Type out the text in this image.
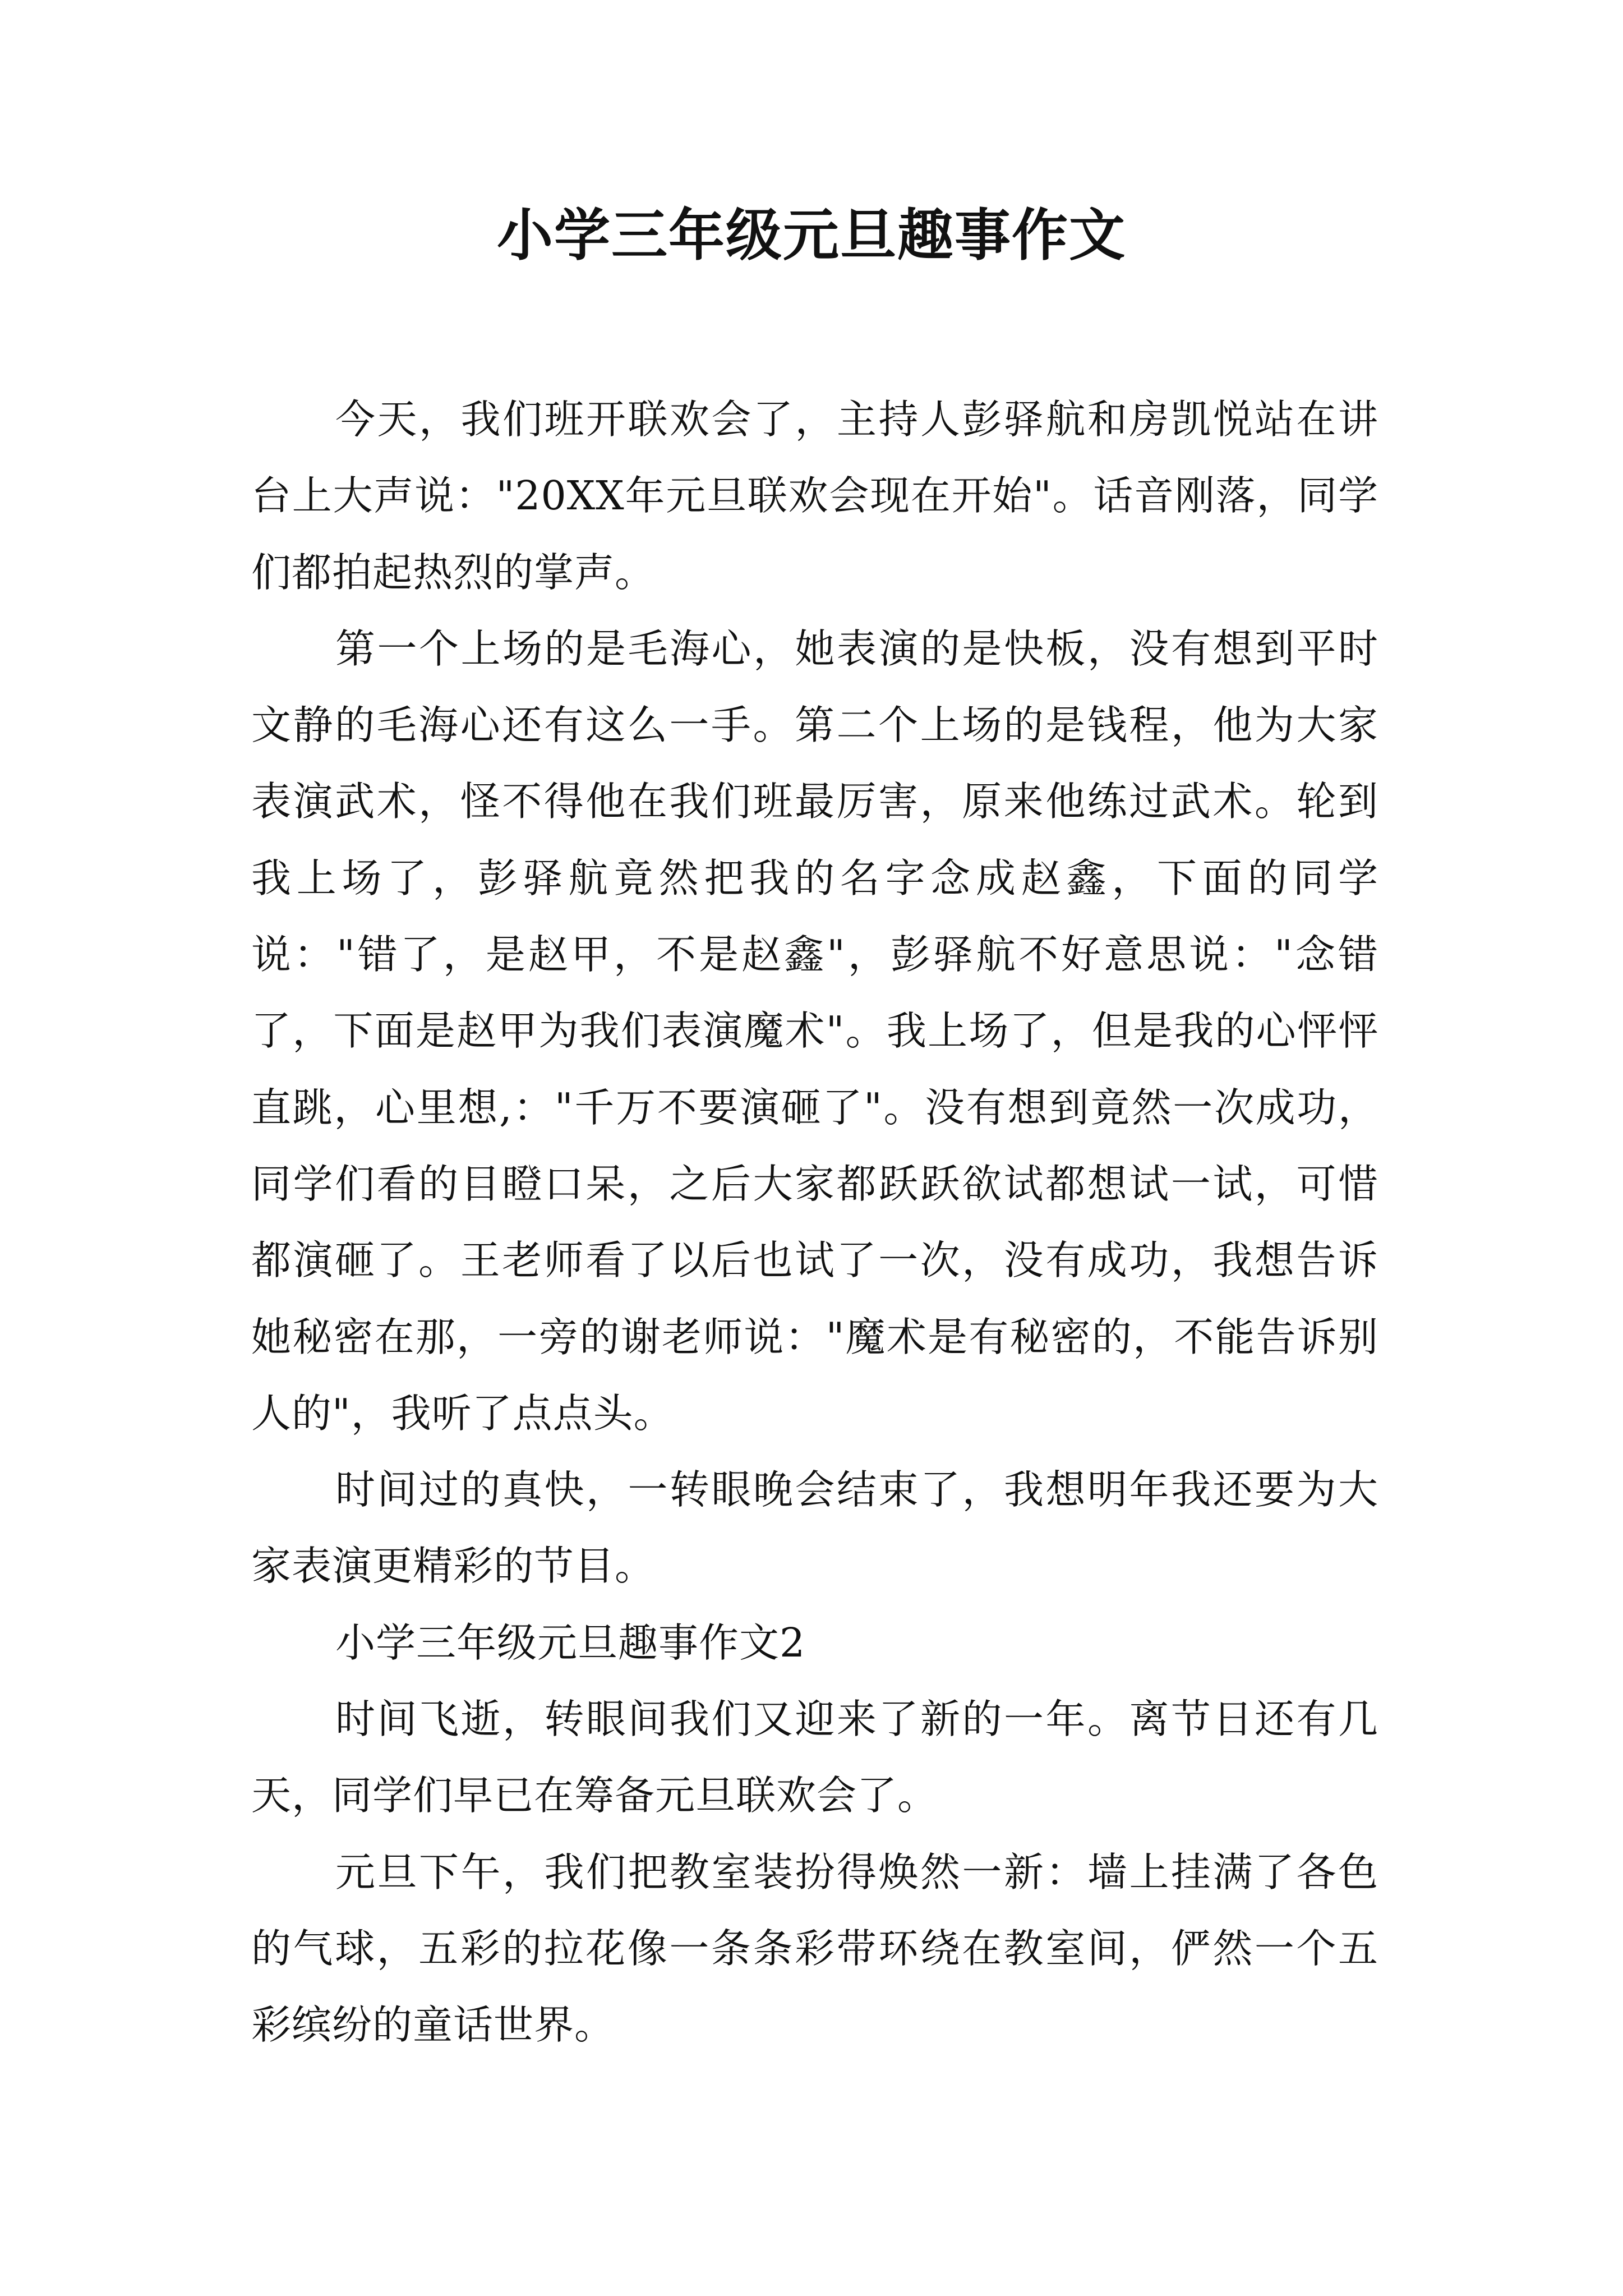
小学三年级元旦趣事作文

今天，我们班开联欢会了，主持人彭驿航和房凯悦站在讲台上大声说："20XX年元旦联欢会现在开始"。话音刚落，同学们都拍起热烈的掌声。

第一个上场的是毛海心，她表演的是快板，没有想到平时文静的毛海心还有这么一手。第二个上场的是钱程，他为大家表演武术，怪不得他在我们班最厉害，原来他练过武术。轮到我上场了，彭驿航竟然把我的名字念成赵鑫，下面的同学说："错了，是赵甲，不是赵鑫"，彭驿航不好意思说："念错了，下面是赵甲为我们表演魔术"。我上场了，但是我的心怦怦直跳，心里想,："千万不要演砸了"。没有想到竟然一次成功，同学们看的目瞪口呆，之后大家都跃跃欲试都想试一试，可惜都演砸了。王老师看了以后也试了一次，没有成功，我想告诉她秘密在那，一旁的谢老师说："魔术是有秘密的，不能告诉别人的"，我听了点点头。

时间过的真快，一转眼晚会结束了，我想明年我还要为大家表演更精彩的节目。

小学三年级元旦趣事作文2

时间飞逝，转眼间我们又迎来了新的一年。离节日还有几天，同学们早已在筹备元旦联欢会了。

元旦下午，我们把教室装扮得焕然一新：墙上挂满了各色的气球，五彩的拉花像一条条彩带环绕在教室间，俨然一个五彩缤纷的童话世界。
